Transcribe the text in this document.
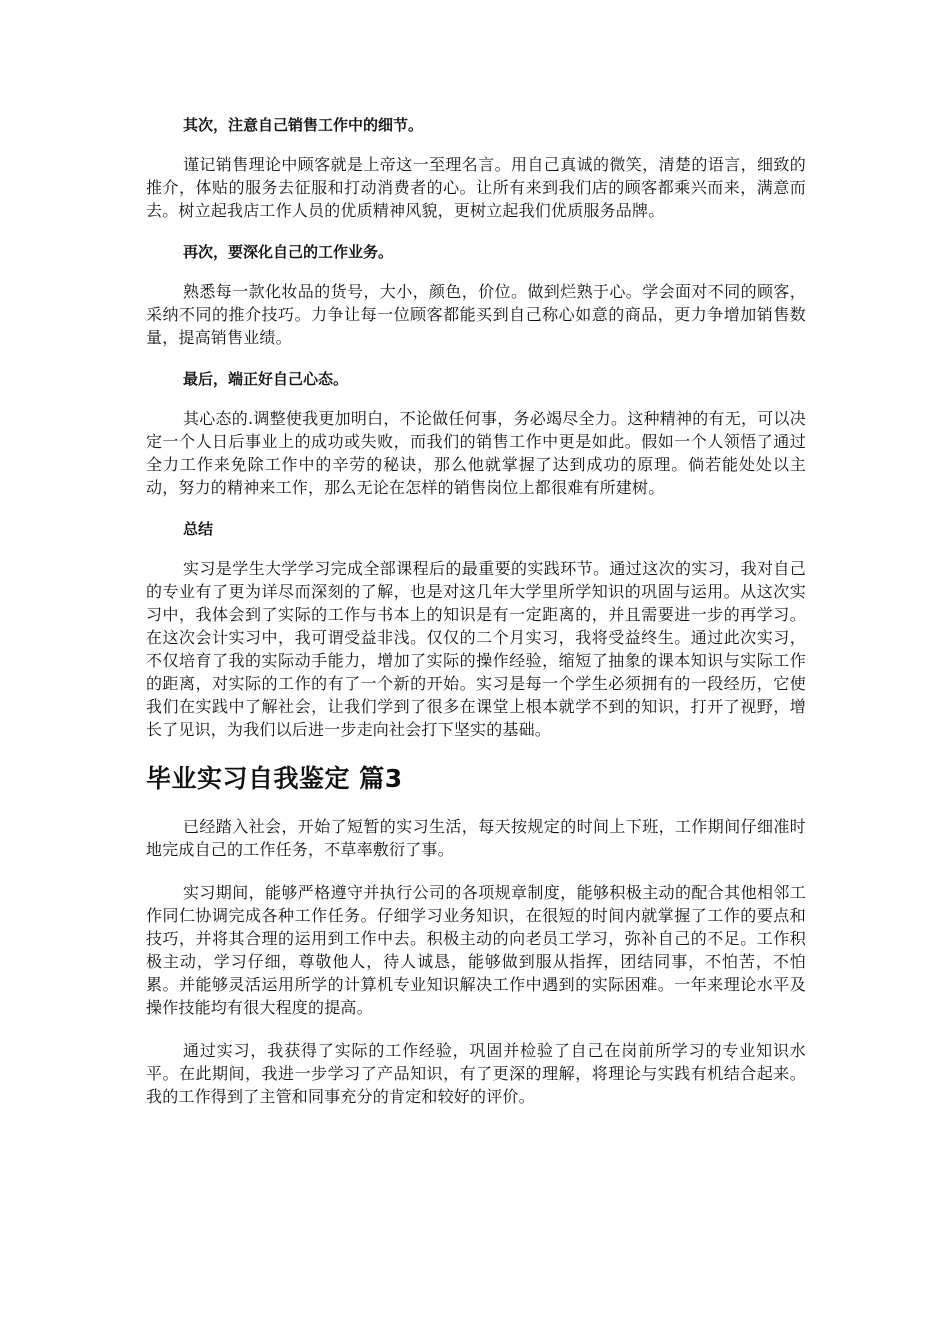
其次，注意自己销售工作中的细节。

谨记销售理论中顾客就是上帝这一至理名言。用自己真诚的微笑，清楚的语言，细致的推介，体贴的服务去征服和打动消费者的心。让所有来到我们店的顾客都乘兴而来，满意而去。树立起我店工作人员的优质精神风貌，更树立起我们优质服务品牌。

再次，要深化自己的工作业务。

熟悉每一款化妆品的货号，大小，颜色，价位。做到烂熟于心。学会面对不同的顾客，采纳不同的推介技巧。力争让每一位顾客都能买到自己称心如意的商品，更力争增加销售数量，提高销售业绩。

最后，端正好自己心态。

其心态的.调整使我更加明白，不论做任何事，务必竭尽全力。这种精神的有无，可以决定一个人日后事业上的成功或失败，而我们的销售工作中更是如此。假如一个人领悟了通过全力工作来免除工作中的辛劳的秘诀，那么他就掌握了达到成功的原理。倘若能处处以主动，努力的精神来工作，那么无论在怎样的销售岗位上都很难有所建树。

总结

实习是学生大学学习完成全部课程后的最重要的实践环节。通过这次的实习，我对自己的专业有了更为详尽而深刻的了解，也是对这几年大学里所学知识的巩固与运用。从这次实习中，我体会到了实际的工作与书本上的知识是有一定距离的，并且需要进一步的再学习。在这次会计实习中，我可谓受益非浅。仅仅的二个月实习，我将受益终生。通过此次实习，不仅培育了我的实际动手能力，增加了实际的操作经验，缩短了抽象的课本知识与实际工作的距离，对实际的工作的有了一个新的开始。实习是每一个学生必须拥有的一段经历，它使我们在实践中了解社会，让我们学到了很多在课堂上根本就学不到的知识，打开了视野，增长了见识，为我们以后进一步走向社会打下坚实的基础。

毕业实习自我鉴定 篇3

已经踏入社会，开始了短暂的实习生活，每天按规定的时间上下班，工作期间仔细准时地完成自己的工作任务，不草率敷衍了事。

实习期间，能够严格遵守并执行公司的各项规章制度，能够积极主动的配合其他相邻工作同仁协调完成各种工作任务。仔细学习业务知识，在很短的时间内就掌握了工作的要点和技巧，并将其合理的运用到工作中去。积极主动的向老员工学习，弥补自己的不足。工作积极主动，学习仔细，尊敬他人，待人诚恳，能够做到服从指挥，团结同事，不怕苦，不怕累。并能够灵活运用所学的计算机专业知识解决工作中遇到的实际困难。一年来理论水平及操作技能均有很大程度的提高。

通过实习，我获得了实际的工作经验，巩固并检验了自己在岗前所学习的专业知识水平。在此期间，我进一步学习了产品知识，有了更深的理解，将理论与实践有机结合起来。我的工作得到了主管和同事充分的肯定和较好的评价。
